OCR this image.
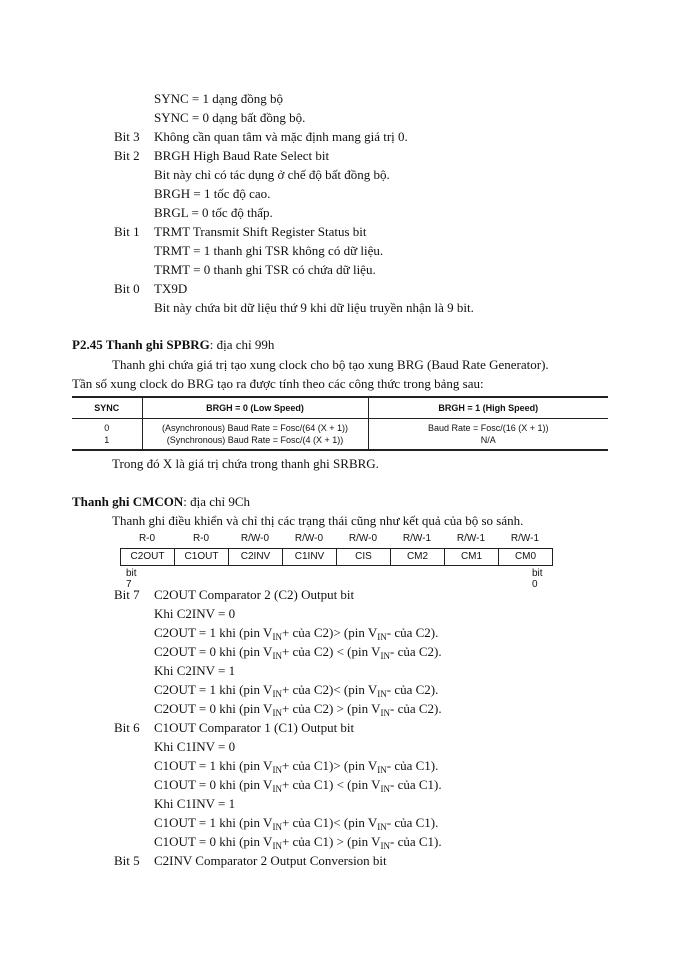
SYNC = 1 dạng đồng bộ
SYNC = 0 dạng bất đồng bộ.
Bit 3 Không cần quan tâm và mặc định mang giá trị 0.
Bit 2 BRGH High Baud Rate Select bit
Bit này chỉ có tác dụng ở chế độ bất đồng bộ.
BRGH = 1 tốc độ cao.
BRGL = 0 tốc độ thấp.
Bit 1 TRMT Transmit Shift Register Status bit
TRMT = 1 thanh ghi TSR không có dữ liệu.
TRMT = 0 thanh ghi TSR có chứa dữ liệu.
Bit 0 TX9D
Bit này chứa bit dữ liệu thứ 9 khi dữ liệu truyền nhận là 9 bit.
P2.45 Thanh ghi SPBRG: địa chỉ 99h
Thanh ghi chứa giá trị tạo xung clock cho bộ tạo xung BRG (Baud Rate Generator).
Tần số xung clock do BRG tạo ra được tính theo các công thức trong bảng sau:
SYNC	BRGH = 0 (Low Speed)	BRGH = 1 (High Speed)
0	(Asynchronous) Baud Rate = Fosc/(64 (X + 1))	Baud Rate = Fosc/(16 (X + 1))
1	(Synchronous) Baud Rate = Fosc/(4 (X + 1))	N/A
Trong đó X là giá trị chứa trong thanh ghi SRBRG.
Thanh ghi CMCON: địa chỉ 9Ch
Thanh ghi điều khiển và chỉ thị các trạng thái cũng như kết quả của bộ so sánh.
R-0	R-0	R/W-0	R/W-0	R/W-0	R/W-1	R/W-1	R/W-1
C2OUT	C1OUT	C2INV	C1INV	CIS	CM2	CM1	CM0
bit 7
bit 0
Bit 7 C2OUT Comparator 2 (C2) Output bit
Khi C2INV = 0
C2OUT = 1 khi (pin $V_{IN}+$ của C2)> (pin $V_{IN}-$ của C2).
C2OUT = 0 khi (pin $V_{IN}+$ của C2) < (pin $V_{IN}-$ của C2).
Khi C2INV = 1
C2OUT = 1 khi (pin $V_{IN}+$ của C2)< (pin $V_{IN}-$ của C2).
C2OUT = 0 khi (pin $V_{IN}+$ của C2) > (pin $V_{IN}-$ của C2).
Bit 6 C1OUT Comparator 1 (C1) Output bit
Khi C1INV = 0
C1OUT = 1 khi (pin $V_{IN}+$ của C1)> (pin $V_{IN}-$ của C1).
C1OUT = 0 khi (pin $V_{IN}+$ của C1) < (pin $V_{IN}-$ của C1).
Khi C1INV = 1
C1OUT = 1 khi (pin $V_{IN}+$ của C1)< (pin $V_{IN}-$ của C1).
C1OUT = 0 khi (pin $V_{IN}+$ của C1) > (pin $V_{IN}-$ của C1).
Bit 5 C2INV Comparator 2 Output Conversion bit
